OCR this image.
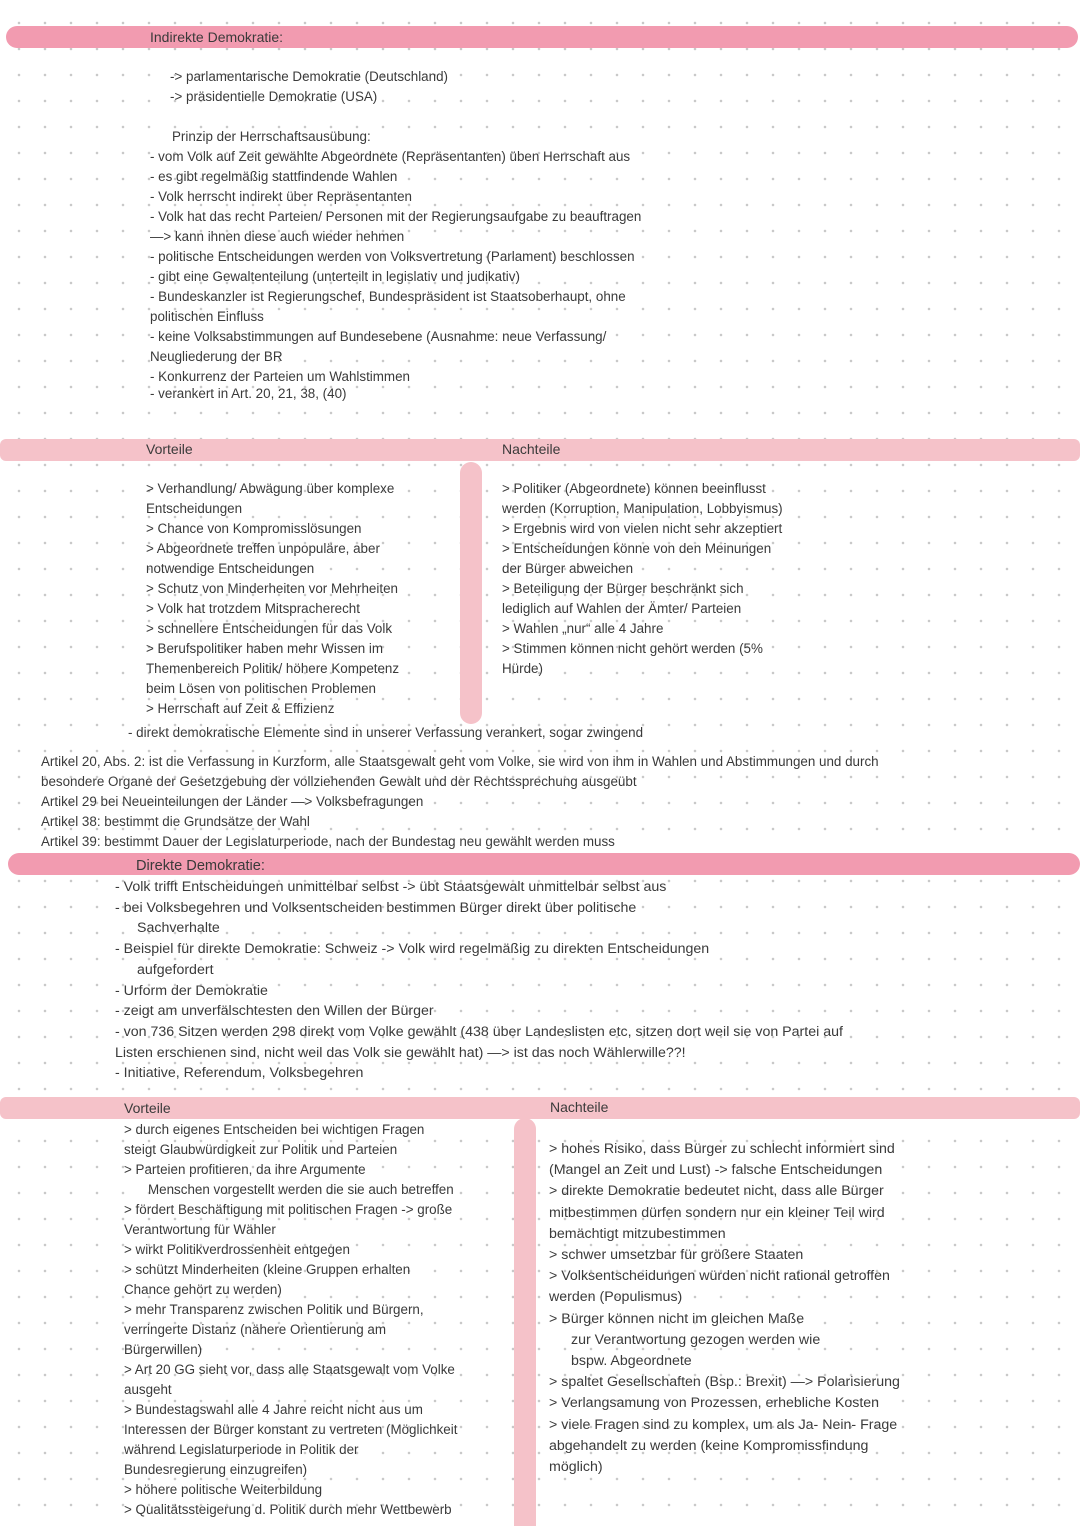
Indirekte Demokratie:
-> parlamentarische Demokratie (Deutschland)
-> präsidentielle Demokratie (USA)
Prinzip der Herrschaftsausübung:
- vom Volk auf Zeit gewählte Abgeordnete (Repräsentanten) üben Herrschaft aus
- es gibt regelmäßig stattfindende Wahlen
- Volk herrscht indirekt über Repräsentanten
- Volk hat das recht Parteien/ Personen mit der Regierungsaufgabe zu beauftragen
—> kann ihnen diese auch wieder nehmen
- politische Entscheidungen werden von Volksvertretung (Parlament) beschlossen
- gibt eine Gewaltenteilung (unterteilt in legislativ und judikativ)
- Bundeskanzler ist Regierungschef, Bundespräsident ist Staatsoberhaupt, ohne
politischen Einfluss
- keine Volksabstimmungen auf Bundesebene (Ausnahme: neue Verfassung/
Neugliederung der BR
- Konkurrenz der Parteien um Wahlstimmen
- verankert in Art. 20, 21, 38, (40)
Vorteile	Nachteile
> Verhandlung/ Abwägung über komplexe
Entscheidungen
> Chance von Kompromisslösungen
> Abgeordnete treffen unpopuläre, aber
notwendige Entscheidungen
> Schutz von Minderheiten vor Mehrheiten
> Volk hat trotzdem Mitspracherecht
> schnellere Entscheidungen für das Volk
> Berufspolitiker haben mehr Wissen im
Themenbereich Politik/ höhere Kompetenz
beim Lösen von politischen Problemen
> Herrschaft auf Zeit & Effizienz
> Politiker (Abgeordnete) können beeinflusst
werden (Korruption, Manipulation, Lobbyismus)
> Ergebnis wird von vielen nicht sehr akzeptiert
> Entscheidungen könne von den Meinungen
der Bürger abweichen
> Beteiligung der Bürger beschränkt sich
lediglich auf Wahlen der Ämter/ Parteien
> Wahlen „nur“ alle 4 Jahre
> Stimmen können nicht gehört werden (5%
Hürde)
- direkt demokratische Elemente sind in unserer Verfassung verankert, sogar zwingend
Artikel 20, Abs. 2: ist die Verfassung in Kurzform, alle Staatsgewalt geht vom Volke, sie wird von ihm in Wahlen und Abstimmungen und durch
besondere Organe der Gesetzgebung der vollziehenden Gewalt und der Rechtssprechung ausgeübt
Artikel 29 bei Neueinteilungen der Länder —> Volksbefragungen
Artikel 38: bestimmt die Grundsätze der Wahl
Artikel 39: bestimmt Dauer der Legislaturperiode, nach der Bundestag neu gewählt werden muss
Direkte Demokratie:
- Volk trifft Entscheidungen unmittelbar selbst -> übt Staatsgewalt unmittelbar selbst aus
- bei Volksbegehren und Volksentscheiden bestimmen Bürger direkt über politische
Sachverhalte
- Beispiel für direkte Demokratie: Schweiz -> Volk wird regelmäßig zu direkten Entscheidungen
aufgefordert
- Urform der Demokratie
- zeigt am unverfälschtesten den Willen der Bürger
- von 736 Sitzen werden 298 direkt vom Volke gewählt (438 über Landeslisten etc, sitzen dort weil sie von Partei auf
Listen erschienen sind, nicht weil das Volk sie gewählt hat) —> ist das noch Wählerwille??!
- Initiative, Referendum, Volksbegehren
Vorteile	Nachteile
> durch eigenes Entscheiden bei wichtigen Fragen
steigt Glaubwürdigkeit zur Politik und Parteien
> Parteien profitieren, da ihre Argumente
Menschen vorgestellt werden die sie auch betreffen
> fördert Beschäftigung mit politischen Fragen -> große
Verantwortung für Wähler
> wirkt Politikverdrossenheit entgegen
> schützt Minderheiten (kleine Gruppen erhalten
Chance gehört zu werden)
> mehr Transparenz zwischen Politik und Bürgern,
verringerte Distanz (nähere Orientierung am
Bürgerwillen)
> Art 20 GG sieht vor, dass alle Staatsgewalt vom Volke
ausgeht
> Bundestagswahl alle 4 Jahre reicht nicht aus um
Interessen der Bürger konstant zu vertreten (Möglichkeit
während Legislaturperiode in Politik der
Bundesregierung einzugreifen)
> höhere politische Weiterbildung
> Qualitätssteigerung d. Politik durch mehr Wettbewerb
> hohes Risiko, dass Bürger zu schlecht informiert sind
(Mangel an Zeit und Lust) -> falsche Entscheidungen
> direkte Demokratie bedeutet nicht, dass alle Bürger
mitbestimmen dürfen sondern nur ein kleiner Teil wird
bemächtigt mitzubestimmen
> schwer umsetzbar für größere Staaten
> Volksentscheidungen würden nicht rational getroffen
werden (Populismus)
> Bürger können nicht im gleichen Maße
zur Verantwortung gezogen werden wie
bspw. Abgeordnete
> spaltet Gesellschaften (Bsp.: Brexit) —> Polarisierung
> Verlangsamung von Prozessen, erhebliche Kosten
> viele Fragen sind zu komplex, um als Ja- Nein- Frage
abgehandelt zu werden (keine Kompromissfindung
möglich)
